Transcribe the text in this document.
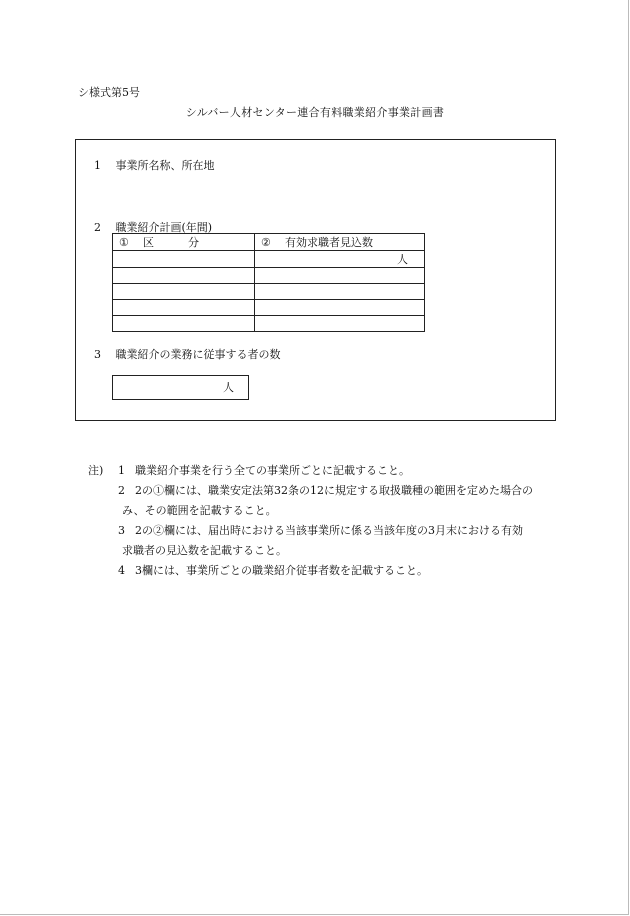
シ様式第5号
シルバー人材センター連合有料職業紹介事業計画書
1 事業所名称、所在地
2 職業紹介計画(年間)
① 区 分	② 有効求職者見込数
	人

3 職業紹介の業務に従事する者の数
人
注)	1 職業紹介事業を行う全ての事業所ごとに記載すること。
2 2の①欄には、職業安定法第32条の12に規定する取扱職種の範囲を定めた場合の
み、その範囲を記載すること。
3 2の②欄には、届出時における当該事業所に係る当該年度の3月末における有効
求職者の見込数を記載すること。
4 3欄には、事業所ごとの職業紹介従事者数を記載すること。
